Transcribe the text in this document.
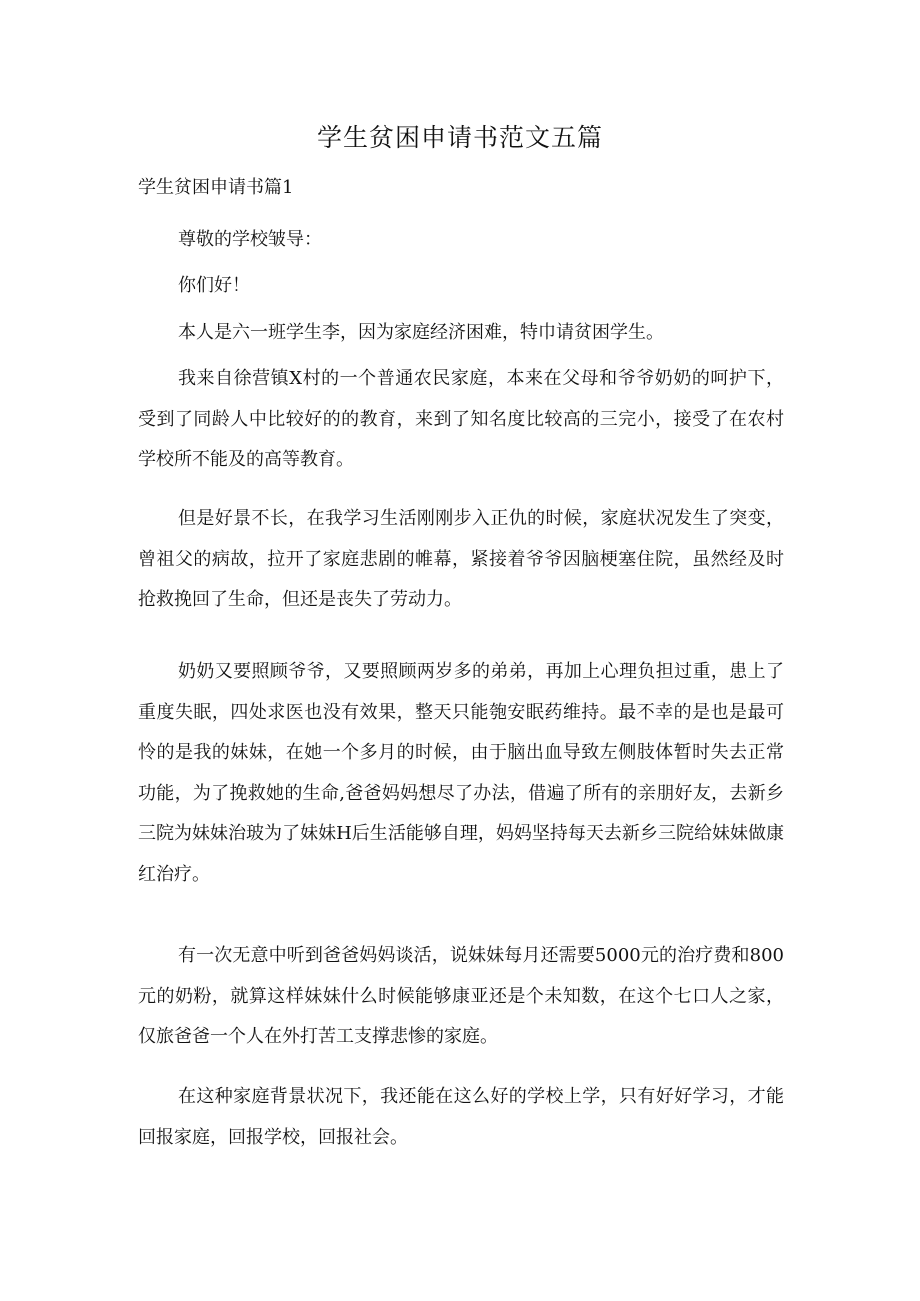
学生贫困申请书范文五篇
学生贫困申请书篇1

尊敬的学校皱导：

你们好！

本人是六一班学生李，因为家庭经济困难，特巾请贫困学生。

我来自徐营镇X村的一个普通农民家庭，本来在父母和爷爷奶奶的呵护下，受到了同龄人中比较好的的教育，来到了知名度比较高的三完小，接受了在农村学校所不能及的高等教育。

但是好景不长，在我学习生活刚刚步入正仇的时候，家庭状况发生了突变，曾祖父的病故，拉开了家庭悲剧的帷幕，紧接着爷爷因脑梗塞住院，虽然经及时抢救挽回了生命，但还是丧失了劳动力。

奶奶又要照顾爷爷，又要照顾两岁多的弟弟，再加上心理负担过重，患上了重度失眠，四处求医也没有效果，整天只能匏安眠药维持。最不幸的是也是最可怜的是我的妹妹，在她一个多月的时候，由于脑出血导致左侧肢体暂时失去正常功能，为了挽救她的生命,爸爸妈妈想尽了办法，借遍了所有的亲朋好友，去新乡三院为妹妹治玻为了妹妹H后生活能够自理，妈妈坚持每天去新乡三院给妹妹做康红治疗。

有一次无意中听到爸爸妈妈谈活，说妹妹每月还需要5000元的治疗费和800元的奶粉，就算这样妹妹什么时候能够康亚还是个未知数，在这个七口人之家，仅旅爸爸一个人在外打苦工支撑悲惨的家庭。

在这种家庭背景状况下，我还能在这么好的学校上学，只有好好学习，才能回报家庭，回报学校，回报社会。
